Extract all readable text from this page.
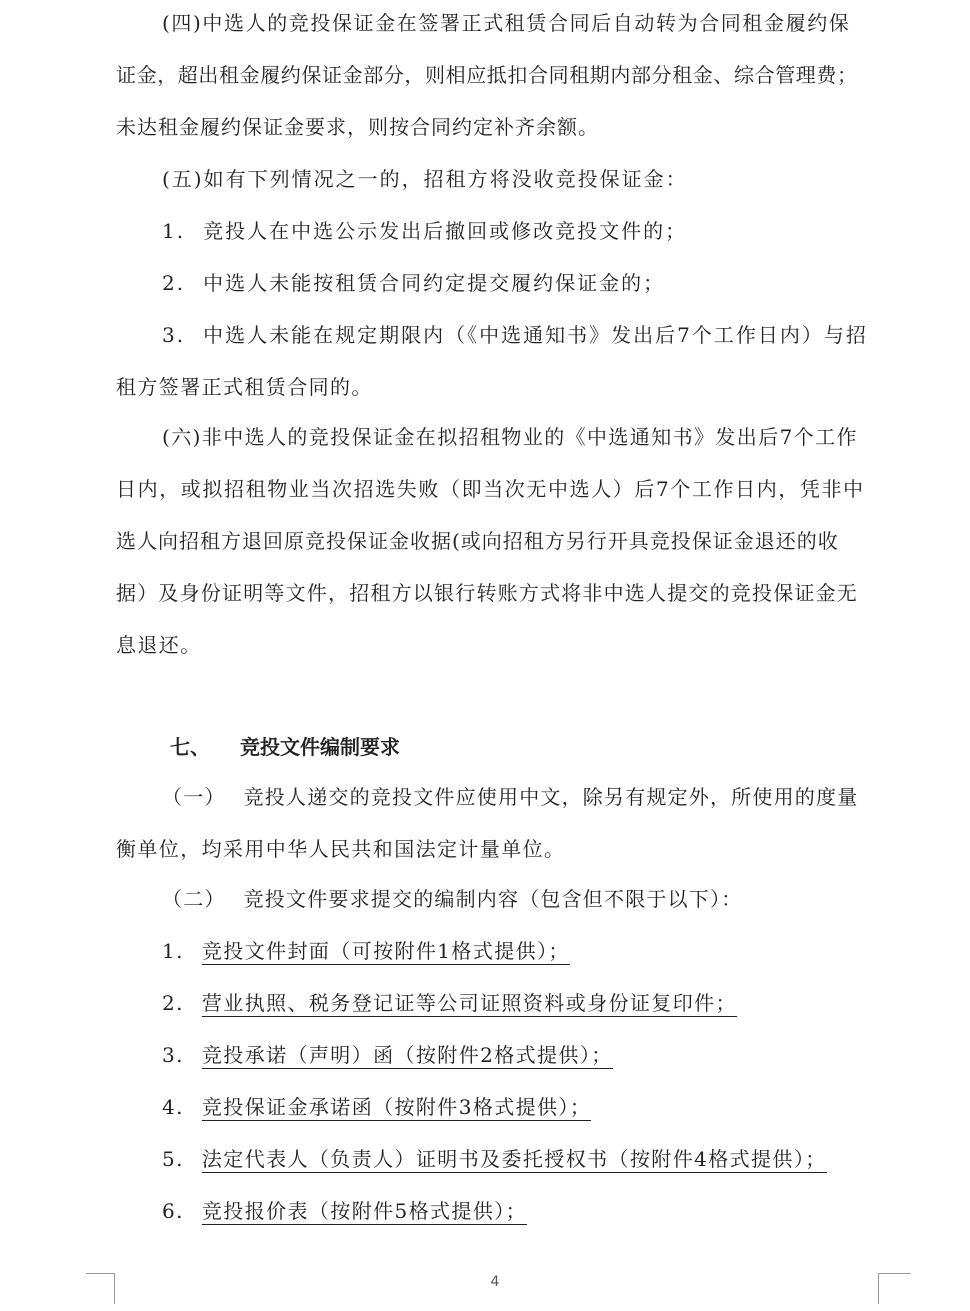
(四)中选人的竞投保证金在签署正式租赁合同后自动转为合同租金履约保
证金，超出租金履约保证金部分，则相应抵扣合同租期内部分租金、综合管理费；
未达租金履约保证金要求，则按合同约定补齐余额。
(五)如有下列情况之一的，招租方将没收竞投保证金：
1. 竞投人在中选公示发出后撤回或修改竞投文件的；
2. 中选人未能按租赁合同约定提交履约保证金的；
3. 中选人未能在规定期限内（《中选通知书》发出后7个工作日内）与招
租方签署正式租赁合同的。
(六)非中选人的竞投保证金在拟招租物业的《中选通知书》发出后7个工作
日内，或拟招租物业当次招选失败（即当次无中选人）后7个工作日内，凭非中
选人向招租方退回原竞投保证金收据(或向招租方另行开具竞投保证金退还的收
据）及身份证明等文件，招租方以银行转账方式将非中选人提交的竞投保证金无
息退还。
七、 竞投文件编制要求
（一） 竞投人递交的竞投文件应使用中文，除另有规定外，所使用的度量
衡单位，均采用中华人民共和国法定计量单位。
（二） 竞投文件要求提交的编制内容（包含但不限于以下）：
1. 竞投文件封面（可按附件1格式提供）；
2. 营业执照、税务登记证等公司证照资料或身份证复印件；
3. 竞投承诺（声明）函（按附件2格式提供）；
4. 竞投保证金承诺函（按附件3格式提供）；
5. 法定代表人（负责人）证明书及委托授权书（按附件4格式提供）；
6. 竞投报价表（按附件5格式提供）；
4
